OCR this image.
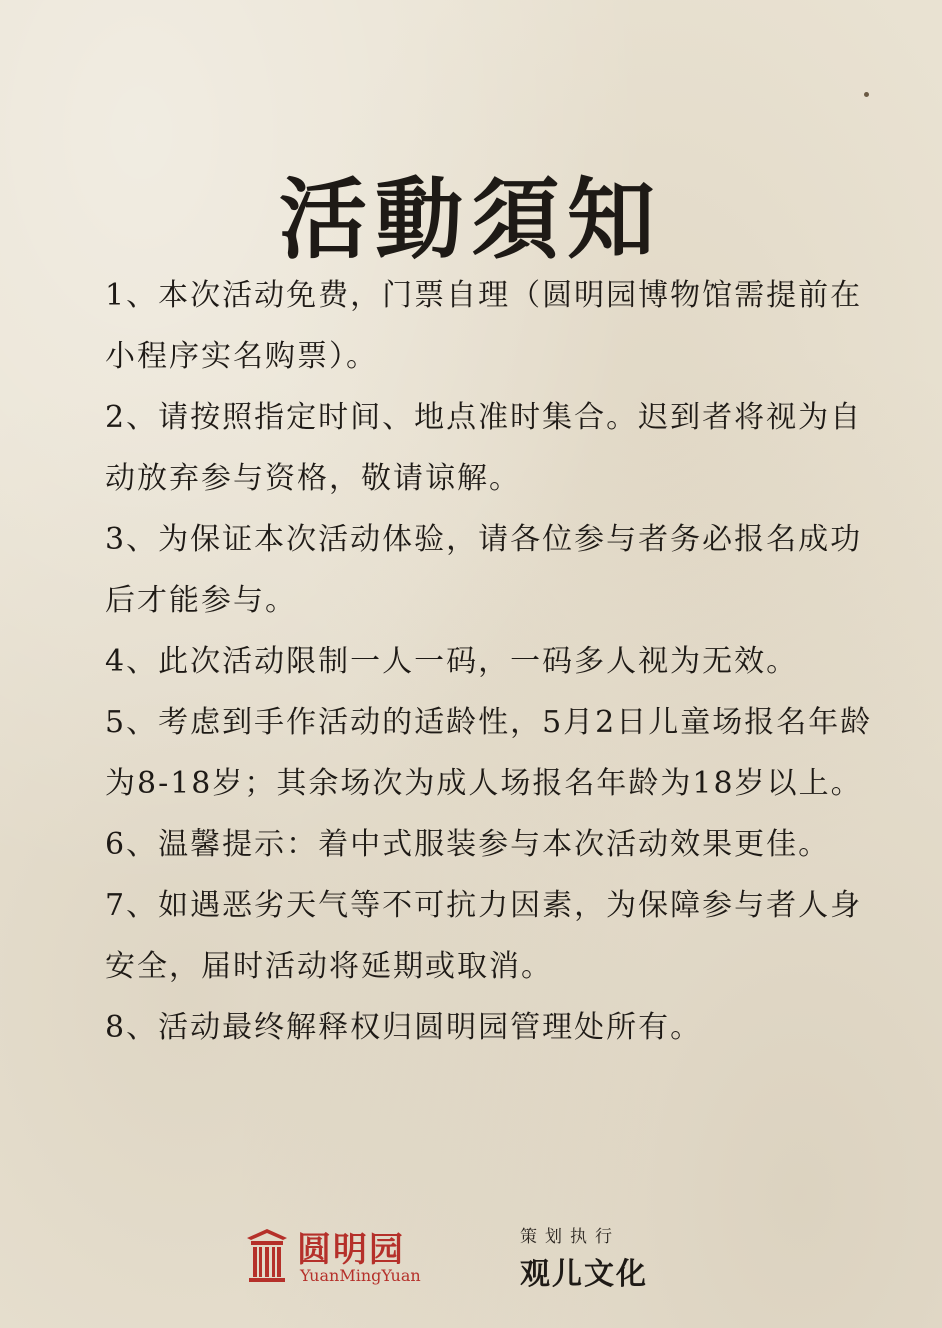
活動須知
1、本次活动免费，门票自理（圆明园博物馆需提前在
小程序实名购票）。
2、请按照指定时间、地点准时集合。迟到者将视为自
动放弃参与资格，敬请谅解。
3、为保证本次活动体验，请各位参与者务必报名成功
后才能参与。
4、此次活动限制一人一码，一码多人视为无效。
5、考虑到手作活动的适龄性，5月2日儿童场报名年龄
为8-18岁；其余场次为成人场报名年龄为18岁以上。
6、温馨提示：着中式服装参与本次活动效果更佳。
7、如遇恶劣天气等不可抗力因素，为保障参与者人身
安全，届时活动将延期或取消。
8、活动最终解释权归圆明园管理处所有。
圆明园
YuanMingYuan
策划执行
观儿文化
